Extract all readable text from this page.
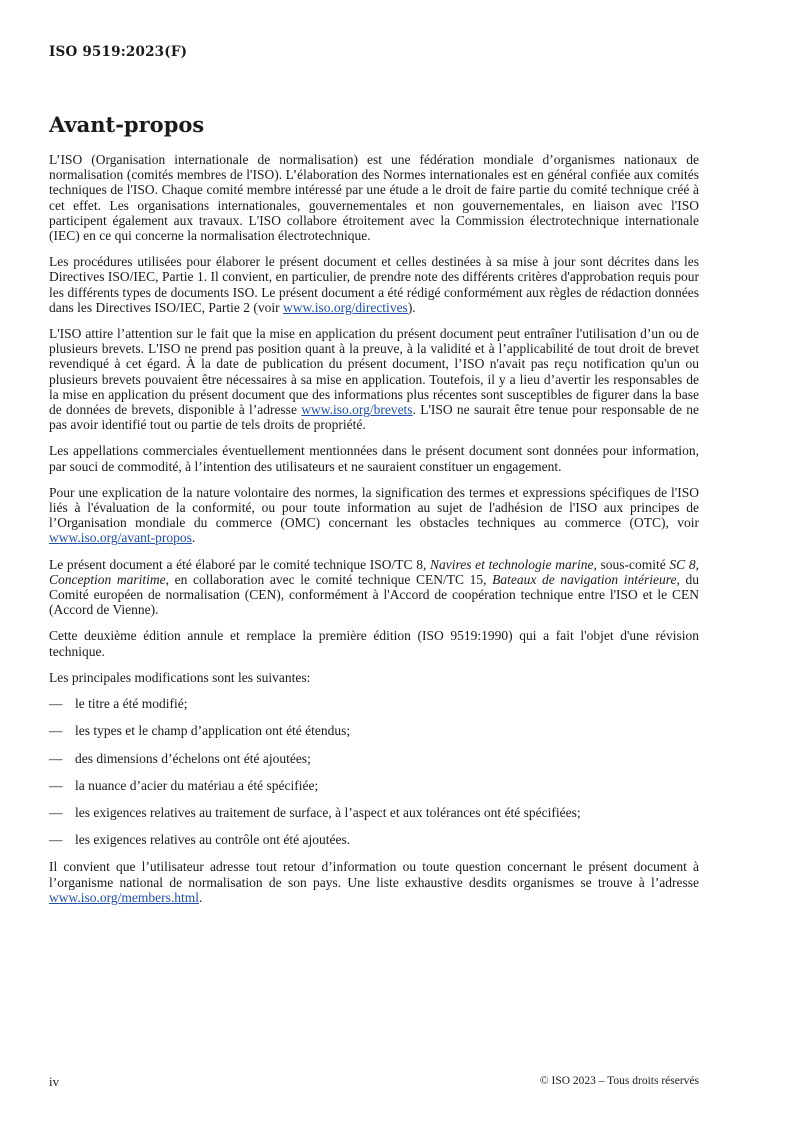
ISO 9519:2023(F)
Avant-propos

L’ISO (Organisation internationale de normalisation) est une fédération mondiale d’organismes nationaux de normalisation (comités membres de l'ISO). L’élaboration des Normes internationales est en général confiée aux comités techniques de l'ISO. Chaque comité membre intéressé par une étude a le droit de faire partie du comité technique créé à cet effet. Les organisations internationales, gouvernementales et non gouvernementales, en liaison avec l'ISO participent également aux travaux. L'ISO collabore étroitement avec la Commission électrotechnique internationale (IEC) en ce qui concerne la normalisation électrotechnique.

Les procédures utilisées pour élaborer le présent document et celles destinées à sa mise à jour sont décrites dans les Directives ISO/IEC, Partie 1. Il convient, en particulier, de prendre note des différents critères d'approbation requis pour les différents types de documents ISO. Le présent document a été rédigé conformément aux règles de rédaction données dans les Directives ISO/IEC, Partie 2 (voir www.iso.org/directives).

L'ISO attire l’attention sur le fait que la mise en application du présent document peut entraîner l'utilisation d’un ou de plusieurs brevets. L'ISO ne prend pas position quant à la preuve, à la validité et à l’applicabilité de tout droit de brevet revendiqué à cet égard. À la date de publication du présent document, l’ISO n'avait pas reçu notification qu'un ou plusieurs brevets pouvaient être nécessaires à sa mise en application. Toutefois, il y a lieu d’avertir les responsables de la mise en application du présent document que des informations plus récentes sont susceptibles de figurer dans la base de données de brevets, disponible à l’adresse www.iso.org/brevets. L'ISO ne saurait être tenue pour responsable de ne pas avoir identifié tout ou partie de tels droits de propriété.

Les appellations commerciales éventuellement mentionnées dans le présent document sont données pour information, par souci de commodité, à l’intention des utilisateurs et ne sauraient constituer un engagement.

Pour une explication de la nature volontaire des normes, la signification des termes et expressions spécifiques de l'ISO liés à l'évaluation de la conformité, ou pour toute information au sujet de l'adhésion de l'ISO aux principes de l’Organisation mondiale du commerce (OMC) concernant les obstacles techniques au commerce (OTC), voir www.iso.org/avant-propos.

Le présent document a été élaboré par le comité technique ISO/TC 8, Navires et technologie marine, sous-comité SC 8, Conception maritime, en collaboration avec le comité technique CEN/TC 15, Bateaux de navigation intérieure, du Comité européen de normalisation (CEN), conformément à l'Accord de coopération technique entre l'ISO et le CEN (Accord de Vienne).

Cette deuxième édition annule et remplace la première édition (ISO 9519:1990) qui a fait l'objet d'une révision technique.

Les principales modifications sont les suivantes:

— le titre a été modifié;
— les types et le champ d’application ont été étendus;
— des dimensions d’échelons ont été ajoutées;
— la nuance d’acier du matériau a été spécifiée;
— les exigences relatives au traitement de surface, à l’aspect et aux tolérances ont été spécifiées;
— les exigences relatives au contrôle ont été ajoutées.

Il convient que l’utilisateur adresse tout retour d’information ou toute question concernant le présent document à l’organisme national de normalisation de son pays. Une liste exhaustive desdits organismes se trouve à l’adresse www.iso.org/members.html.

iv	© ISO 2023 – Tous droits réservés
